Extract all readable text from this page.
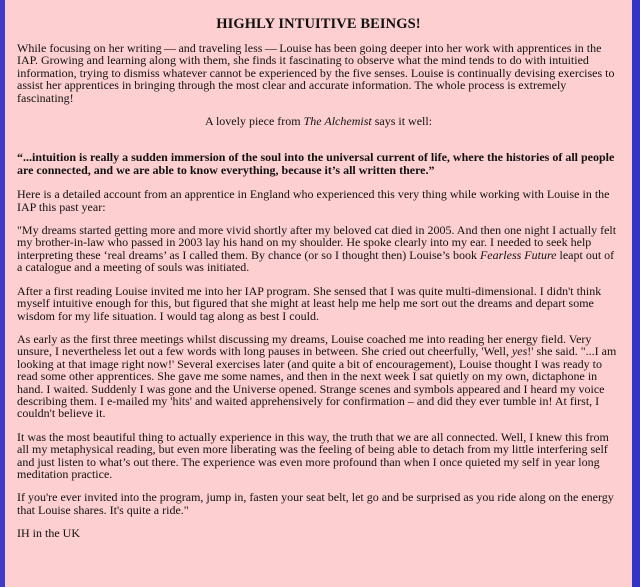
HIGHLY INTUITIVE BEINGS!

While focusing on her writing — and traveling less — Louise has been going deeper into her work with apprentices in the IAP. Growing and learning along with them, she finds it fascinating to observe what the mind tends to do with intuitied information, trying to dismiss whatever cannot be experienced by the five senses. Louise is continually devising exercises to assist her apprentices in bringing through the most clear and accurate information. The whole process is extremely fascinating!

A lovely piece from The Alchemist says it well:

“...intuition is really a sudden immersion of the soul into the universal current of life, where the histories of all people are connected, and we are able to know everything, because it’s all written there.”

Here is a detailed account from an apprentice in England who experienced this very thing while working with Louise in the IAP this past year:

"My dreams started getting more and more vivid shortly after my beloved cat died in 2005. And then one night I actually felt my brother-in-law who passed in 2003 lay his hand on my shoulder. He spoke clearly into my ear. I needed to seek help interpreting these ‘real dreams’ as I called them. By chance (or so I thought then) Louise’s book Fearless Future leapt out of a catalogue and a meeting of souls was initiated.

After a first reading Louise invited me into her IAP program. She sensed that I was quite multi-dimensional. I didn't think myself intuitive enough for this, but figured that she might at least help me help me sort out the dreams and depart some wisdom for my life situation. I would tag along as best I could.

As early as the first three meetings whilst discussing my dreams, Louise coached me into reading her energy field. Very unsure, I nevertheless let out a few words with long pauses in between. She cried out cheerfully, 'Well, yes!' she said. "...I am looking at that image right now!' Several exercises later (and quite a bit of encouragement), Louise thought I was ready to read some other apprentices. She gave me some names, and then in the next week I sat quietly on my own, dictaphone in hand. I waited. Suddenly I was gone and the Universe opened. Strange scenes and symbols appeared and I heard my voice describing them. I e-mailed my 'hits' and waited apprehensively for confirmation – and did they ever tumble in! At first, I couldn't believe it.

It was the most beautiful thing to actually experience in this way, the truth that we are all connected. Well, I knew this from all my metaphysical reading, but even more liberating was the feeling of being able to detach from my little interfering self and just listen to what’s out there. The experience was even more profound than when I once quieted my self in year long meditation practice.

If you're ever invited into the program, jump in, fasten your seat belt, let go and be surprised as you ride along on the energy that Louise shares. It's quite a ride."

IH in the UK
